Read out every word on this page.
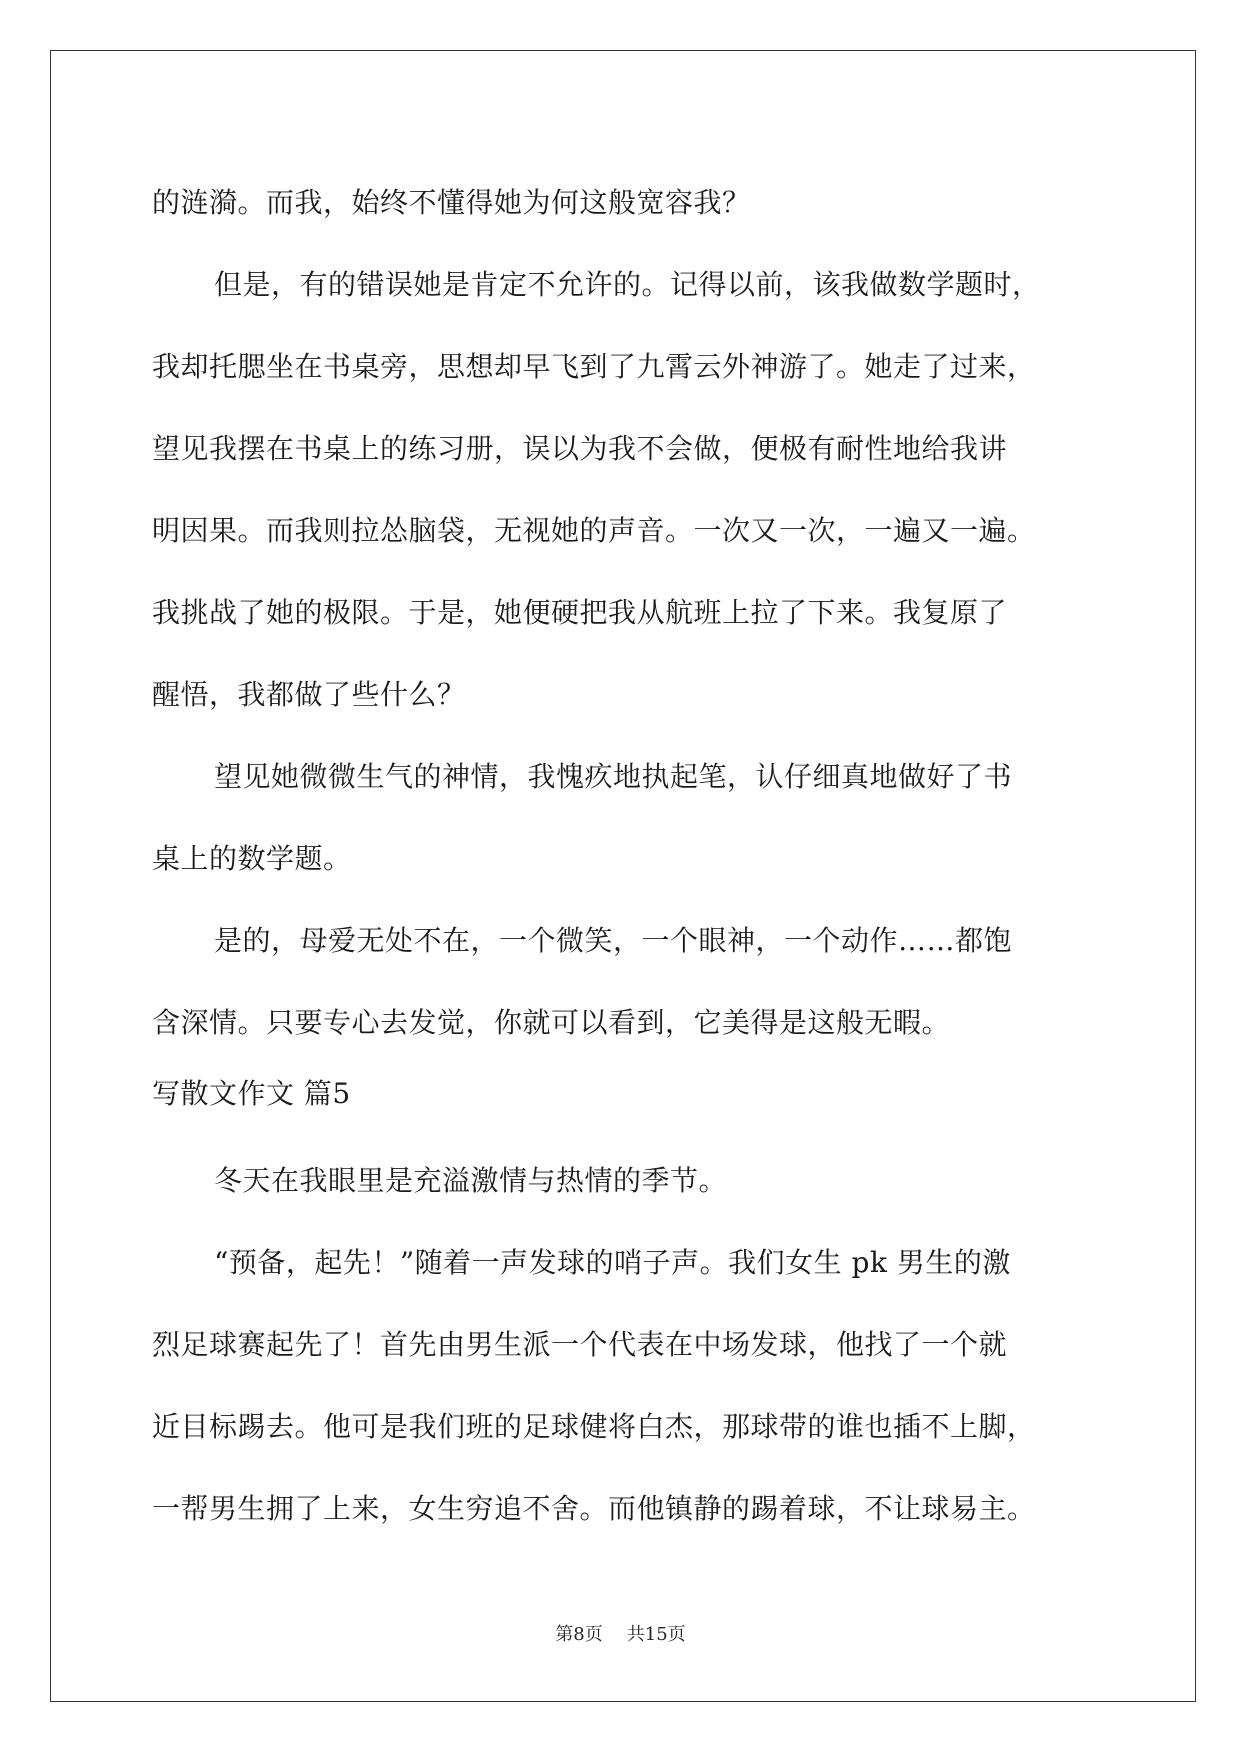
的涟漪。而我，始终不懂得她为何这般宽容我？
但是，有的错误她是肯定不允许的。记得以前，该我做数学题时，
我却托腮坐在书桌旁，思想却早飞到了九霄云外神游了。她走了过来，
望见我摆在书桌上的练习册，误以为我不会做，便极有耐性地给我讲
明因果。而我则拉怂脑袋，无视她的声音。一次又一次，一遍又一遍。
我挑战了她的极限。于是，她便硬把我从航班上拉了下来。我复原了
醒悟，我都做了些什么？
望见她微微生气的神情，我愧疚地执起笔，认仔细真地做好了书
桌上的数学题。
是的，母爱无处不在，一个微笑，一个眼神，一个动作……都饱
含深情。只要专心去发觉，你就可以看到，它美得是这般无暇。
写散文作文 篇5
冬天在我眼里是充溢激情与热情的季节。
“预备，起先！”随着一声发球的哨子声。我们女生 pk 男生的激
烈足球赛起先了！首先由男生派一个代表在中场发球，他找了一个就
近目标踢去。他可是我们班的足球健将白杰，那球带的谁也插不上脚，
一帮男生拥了上来，女生穷追不舍。而他镇静的踢着球，不让球易主。
第8页 共15页
